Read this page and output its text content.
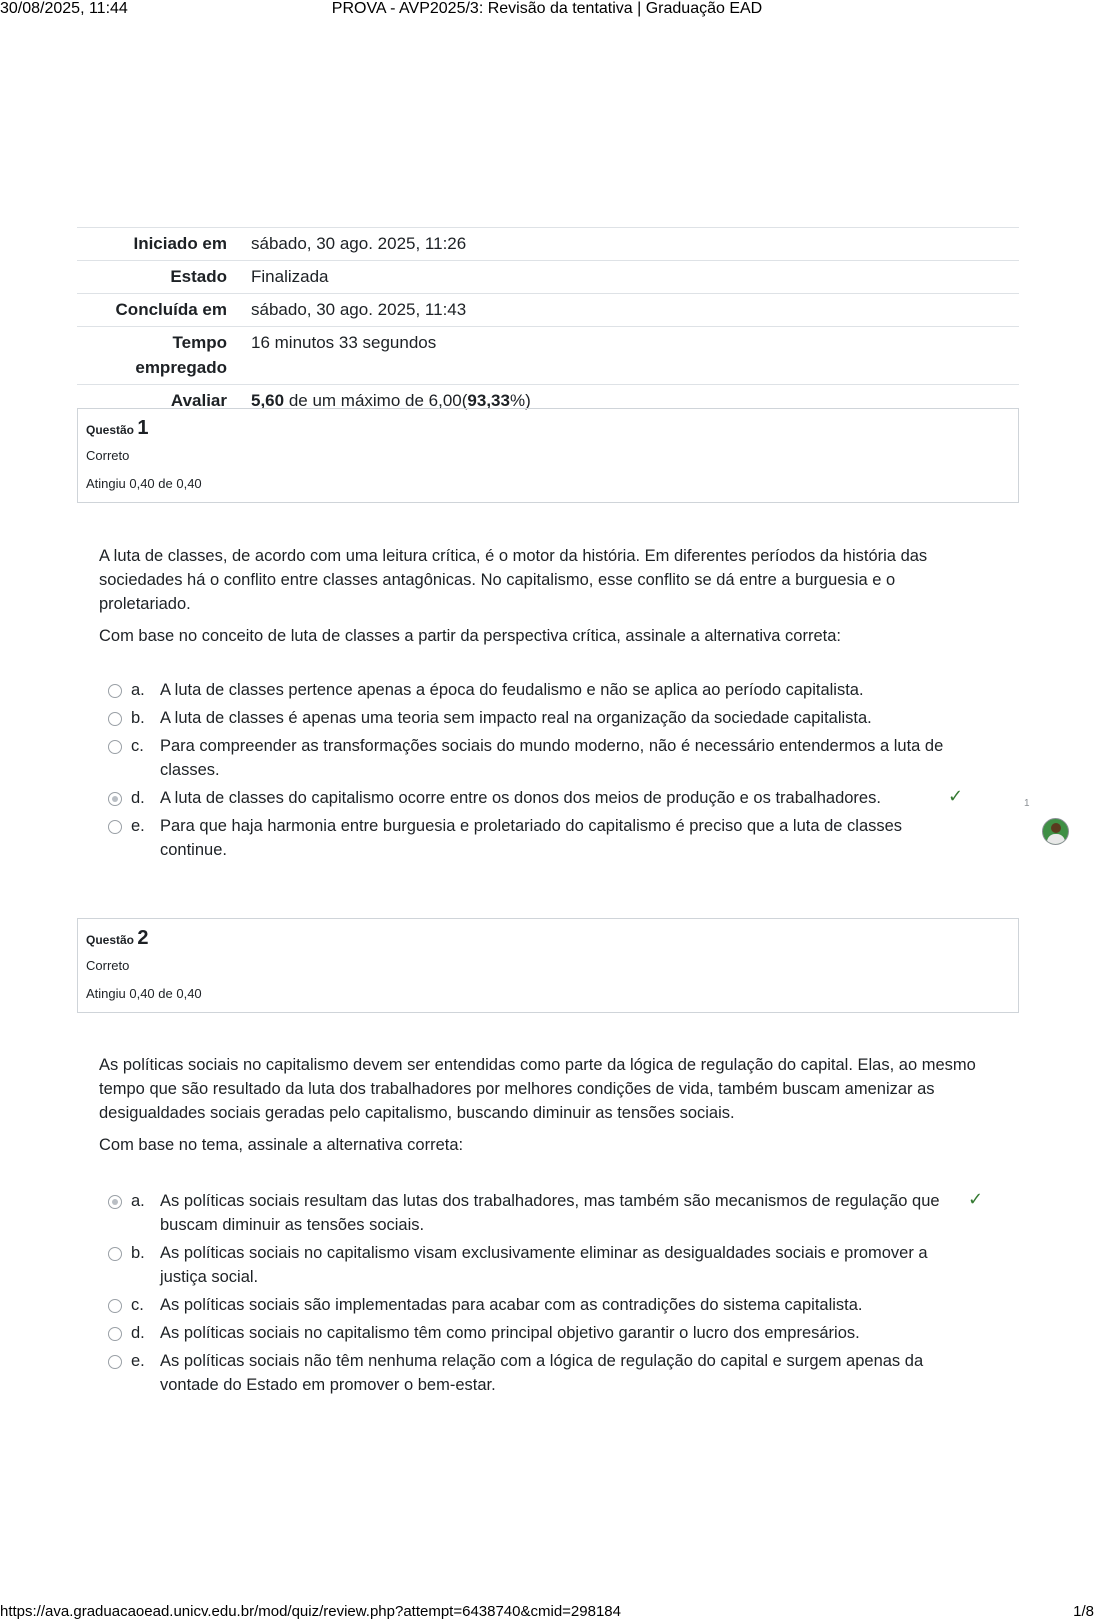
30/08/2025, 11:44	PROVA - AVP2025/3: Revisão da tentativa | Graduação EAD
Iniciado em	sábado, 30 ago. 2025, 11:26
Estado	Finalizada
Concluída em	sábado, 30 ago. 2025, 11:43
Tempo
empregado	16 minutos 33 segundos
Avaliar	5,60 de um máximo de 6,00(93,33%)
Questão 1
Correto
Atingiu 0,40 de 0,40

A luta de classes, de acordo com uma leitura crítica, é o motor da história. Em diferentes períodos da história das sociedades há o conflito entre classes antagônicas. No capitalismo, esse conflito se dá entre a burguesia e o proletariado.

Com base no conceito de luta de classes a partir da perspectiva crítica, assinale a alternativa correta:

a. A luta de classes pertence apenas a época do feudalismo e não se aplica ao período capitalista.
b. A luta de classes é apenas uma teoria sem impacto real na organização da sociedade capitalista.
c. Para compreender as transformações sociais do mundo moderno, não é necessário entendermos a luta de classes.
d. A luta de classes do capitalismo ocorre entre os donos dos meios de produção e os trabalhadores.	✓
e. Para que haja harmonia entre burguesia e proletariado do capitalismo é preciso que a luta de classes continue.
1
Questão 2
Correto
Atingiu 0,40 de 0,40

As políticas sociais no capitalismo devem ser entendidas como parte da lógica de regulação do capital. Elas, ao mesmo tempo que são resultado da luta dos trabalhadores por melhores condições de vida, também buscam amenizar as desigualdades sociais geradas pelo capitalismo, buscando diminuir as tensões sociais.

Com base no tema, assinale a alternativa correta:

a. As políticas sociais resultam das lutas dos trabalhadores, mas também são mecanismos de regulação que buscam diminuir as tensões sociais.
✓
b. As políticas sociais no capitalismo visam exclusivamente eliminar as desigualdades sociais e promover a justiça social.
c. As políticas sociais são implementadas para acabar com as contradições do sistema capitalista.
d. As políticas sociais no capitalismo têm como principal objetivo garantir o lucro dos empresários.
e. As políticas sociais não têm nenhuma relação com a lógica de regulação do capital e surgem apenas da vontade do Estado em promover o bem-estar.
https://ava.graduacaoead.unicv.edu.br/mod/quiz/review.php?attempt=6438740&cmid=298184	1/8
